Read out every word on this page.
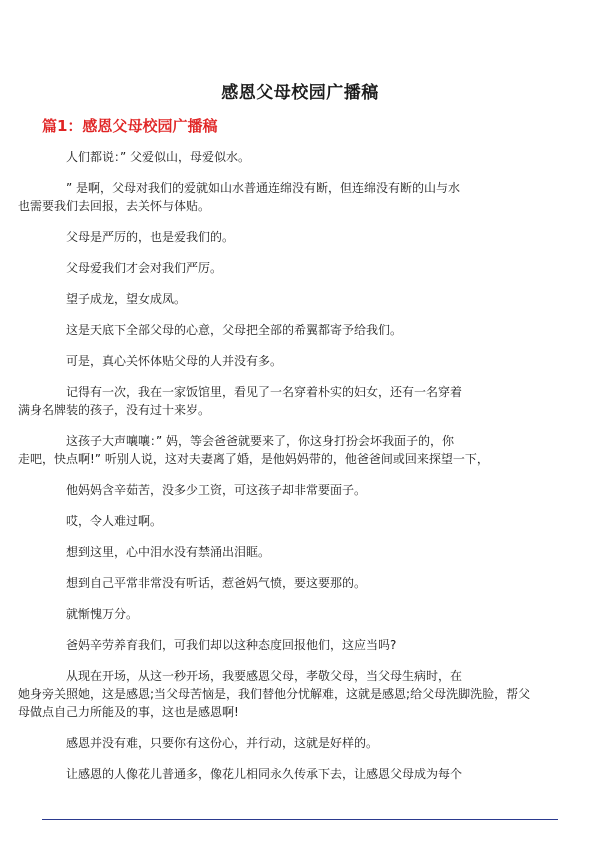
感恩父母校园广播稿
篇1：感恩父母校园广播稿

人们都说：” 父爱似山，母爱似水。

” 是啊，父母对我们的爱就如山水普通连绵没有断，但连绵没有断的山与水
也需要我们去回报，去关怀与体贴。

父母是严厉的，也是爱我们的。

父母爱我们才会对我们严厉。

望子成龙，望女成凤。

这是天底下全部父母的心意，父母把全部的希翼都寄予给我们。

可是，真心关怀体贴父母的人并没有多。

记得有一次，我在一家饭馆里，看见了一名穿着朴实的妇女，还有一名穿着
满身名牌装的孩子，没有过十来岁。

这孩子大声嚷嚷：” 妈，等会爸爸就要来了，你这身打扮会坏我面子的，你
走吧，快点啊!” 听别人说，这对夫妻离了婚，是他妈妈带的，他爸爸间或回来探望一下，

他妈妈含辛茹苦，没多少工资，可这孩子却非常要面子。

哎，令人难过啊。

想到这里，心中泪水没有禁涌出泪眶。

想到自己平常非常没有听话，惹爸妈气愤，要这要那的。

就惭愧万分。

爸妈辛劳养育我们，可我们却以这种态度回报他们，这应当吗?

从现在开场，从这一秒开场，我要感恩父母，孝敬父母，当父母生病时，在
她身旁关照她，这是感恩;当父母苦恼是，我们替他分忧解难，这就是感恩;给父母洗脚洗脸，帮父
母做点自己力所能及的事，这也是感恩啊!

感恩并没有难，只要你有这份心，并行动，这就是好样的。

让感恩的人像花儿普通多，像花儿相同永久传承下去，让感恩父母成为每个
